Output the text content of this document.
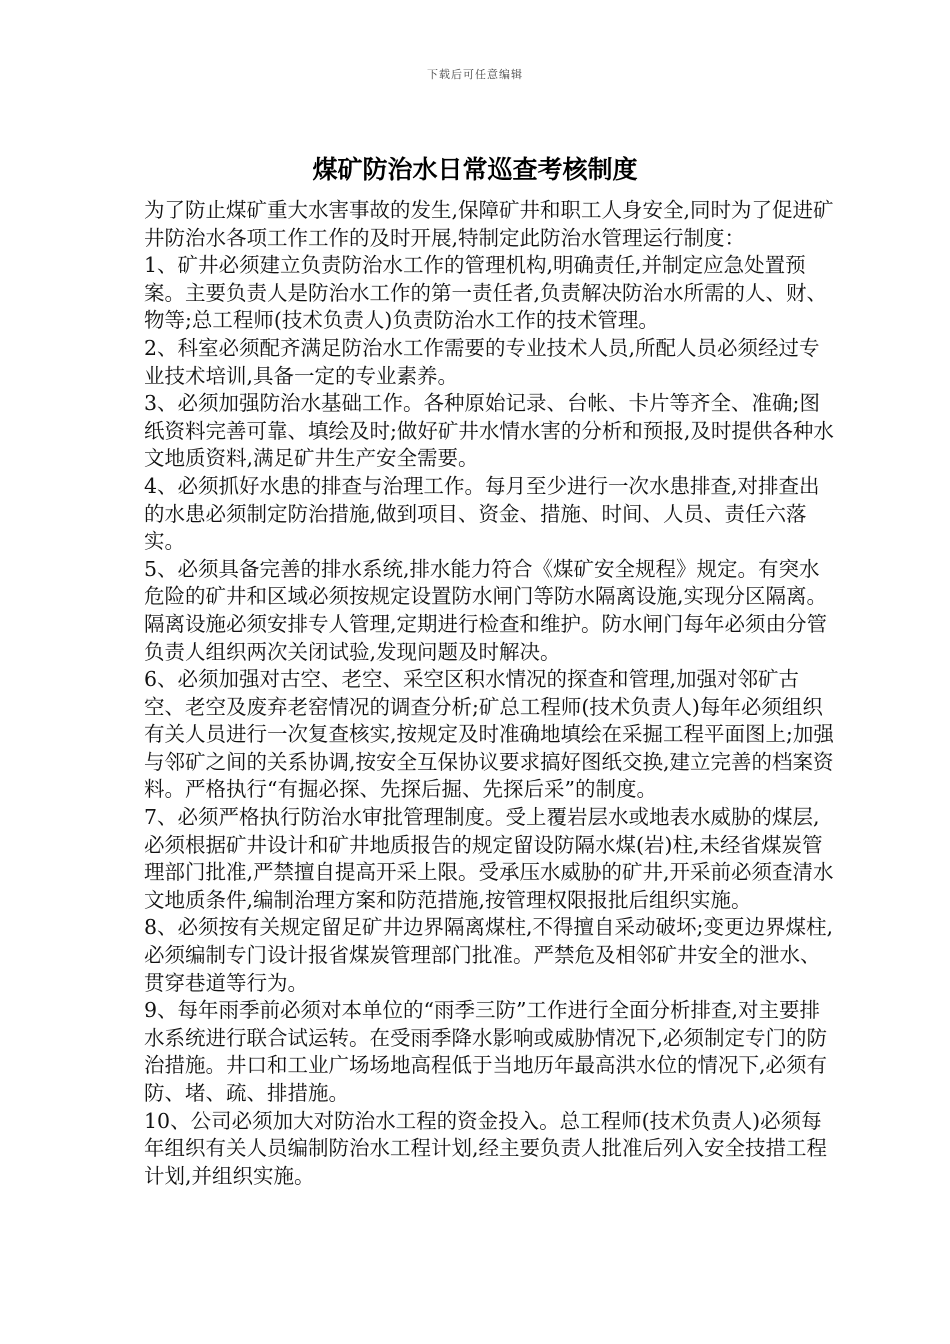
下载后可任意编辑
煤矿防治水日常巡查考核制度

为了防止煤矿重大水害事故的发生,保障矿井和职工人身安全,同时为了促进矿井防治水各项工作工作的及时开展,特制定此防治水管理运行制度：

1、矿井必须建立负责防治水工作的管理机构,明确责任,并制定应急处置预案。主要负责人是防治水工作的第一责任者,负责解决防治水所需的人、财、物等;总工程师(技术负责人)负责防治水工作的技术管理。

2、科室必须配齐满足防治水工作需要的专业技术人员,所配人员必须经过专业技术培训,具备一定的专业素养。

3、必须加强防治水基础工作。各种原始记录、台帐、卡片等齐全、准确;图纸资料完善可靠、填绘及时;做好矿井水情水害的分析和预报,及时提供各种水文地质资料,满足矿井生产安全需要。

4、必须抓好水患的排查与治理工作。每月至少进行一次水患排查,对排查出的水患必须制定防治措施,做到项目、资金、措施、时间、人员、责任六落实。

5、必须具备完善的排水系统,排水能力符合《煤矿安全规程》规定。有突水危险的矿井和区域必须按规定设置防水闸门等防水隔离设施,实现分区隔离。隔离设施必须安排专人管理,定期进行检查和维护。防水闸门每年必须由分管负责人组织两次关闭试验,发现问题及时解决。

6、必须加强对古空、老空、采空区积水情况的探查和管理,加强对邻矿古空、老空及废弃老窑情况的调查分析;矿总工程师(技术负责人)每年必须组织有关人员进行一次复查核实,按规定及时准确地填绘在采掘工程平面图上;加强与邻矿之间的关系协调,按安全互保协议要求搞好图纸交换,建立完善的档案资料。严格执行“有掘必探、先探后掘、先探后采”的制度。

7、必须严格执行防治水审批管理制度。受上覆岩层水或地表水威胁的煤层,必须根据矿井设计和矿井地质报告的规定留设防隔水煤(岩)柱,未经省煤炭管理部门批准,严禁擅自提高开采上限。受承压水威胁的矿井,开采前必须查清水文地质条件,编制治理方案和防范措施,按管理权限报批后组织实施。

8、必须按有关规定留足矿井边界隔离煤柱,不得擅自采动破坏;变更边界煤柱,必须编制专门设计报省煤炭管理部门批准。严禁危及相邻矿井安全的泄水、贯穿巷道等行为。

9、每年雨季前必须对本单位的“雨季三防”工作进行全面分析排查,对主要排水系统进行联合试运转。在受雨季降水影响或威胁情况下,必须制定专门的防治措施。井口和工业广场场地高程低于当地历年最高洪水位的情况下,必须有防、堵、疏、排措施。

10、公司必须加大对防治水工程的资金投入。总工程师(技术负责人)必须每年组织有关人员编制防治水工程计划,经主要负责人批准后列入安全技措工程计划,并组织实施。
